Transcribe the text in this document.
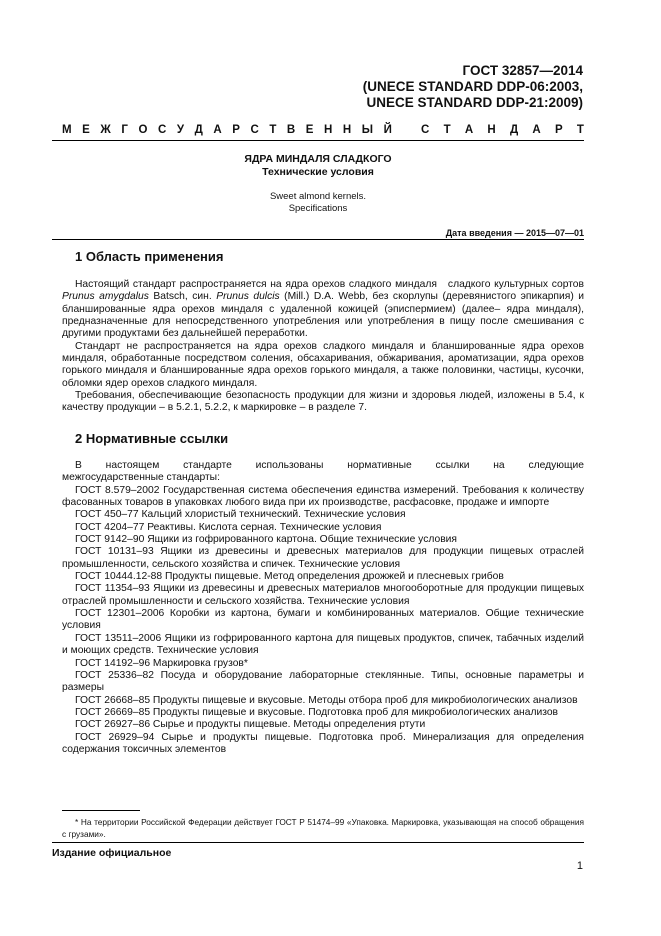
ГОСТ 32857—2014
(UNECE STANDARD DDP-06:2003,
UNECE STANDARD DDP-21:2009)
М Е Ж Г О С У Д А Р С Т В Е Н Н Ы Й	С Т А Н Д А Р Т
ЯДРА МИНДАЛЯ СЛАДКОГО
Технические условия
Sweet almond kernels.
Specifications
Дата введения — 2015—07—01
1 Область применения

Настоящий стандарт распространяется на ядра орехов сладкого миндаля   сладкого культурных сортов Prunus amygdalus Batsch, син. Prunus dulcis (Mill.) D.A. Webb, без скорлупы (деревянистого эпикарпия) и бланшированные ядра орехов миндаля с удаленной кожицей (эписпермием) (далее– ядра миндаля), предназначенные для непосредственного употребления или употребления в пищу после смешивания с другими продуктами без дальнейшей переработки.

Стандарт не распространяется на ядра орехов сладкого миндаля и бланшированные ядра орехов миндаля, обработанные посредством соления, обсахаривания, обжаривания, ароматизации, ядра орехов горького миндаля и бланшированные ядра орехов горького миндаля, а также половинки, частицы, кусочки, обломки ядер орехов сладкого миндаля.

Требования, обеспечивающие безопасность продукции для жизни и здоровья людей, изложены в 5.4, к качеству продукции – в 5.2.1, 5.2.2, к маркировке – в разделе 7.

2 Нормативные ссылки
В настоящем стандарте использованы нормативные ссылки на следующие

межгосударственные стандарты:

ГОСТ 8.579–2002 Государственная система обеспечения единства измерений. Требования к количеству фасованных товаров в упаковках любого вида при их производстве, расфасовке, продаже и импорте

ГОСТ 450–77 Кальций хлористый технический. Технические условия

ГОСТ 4204–77 Реактивы. Кислота серная. Технические условия

ГОСТ 9142–90 Ящики из гофрированного картона. Общие технические условия

ГОСТ 10131–93 Ящики из древесины и древесных материалов для продукции пищевых отраслей промышленности, сельского хозяйства и спичек. Технические условия

ГОСТ 10444.12-88 Продукты пищевые. Метод определения дрожжей и плесневых грибов

ГОСТ 11354–93 Ящики из древесины и древесных материалов многооборотные для продукции пищевых отраслей промышленности и сельского хозяйства. Технические условия

ГОСТ 12301–2006 Коробки из картона, бумаги и комбинированных материалов. Общие технические условия

ГОСТ 13511–2006 Ящики из гофрированного картона для пищевых продуктов, спичек, табачных изделий и моющих средств. Технические условия

ГОСТ 14192–96 Маркировка грузов*

ГОСТ 25336–82 Посуда и оборудование лабораторные стеклянные. Типы, основные параметры и размеры

ГОСТ 26668–85 Продукты пищевые и вкусовые. Методы отбора проб для микробиологических анализов

ГОСТ 26669–85 Продукты пищевые и вкусовые. Подготовка проб для микробиологических анализов

ГОСТ 26927–86 Сырье и продукты пищевые. Методы определения ртути

ГОСТ 26929–94 Сырье и продукты пищевые. Подготовка проб. Минерализация для определения содержания токсичных элементов

* На территории Российской Федерации действует ГОСТ Р 51474–99 «Упаковка. Маркировка, указывающая на способ обращения с грузами».

Издание официальное
1
